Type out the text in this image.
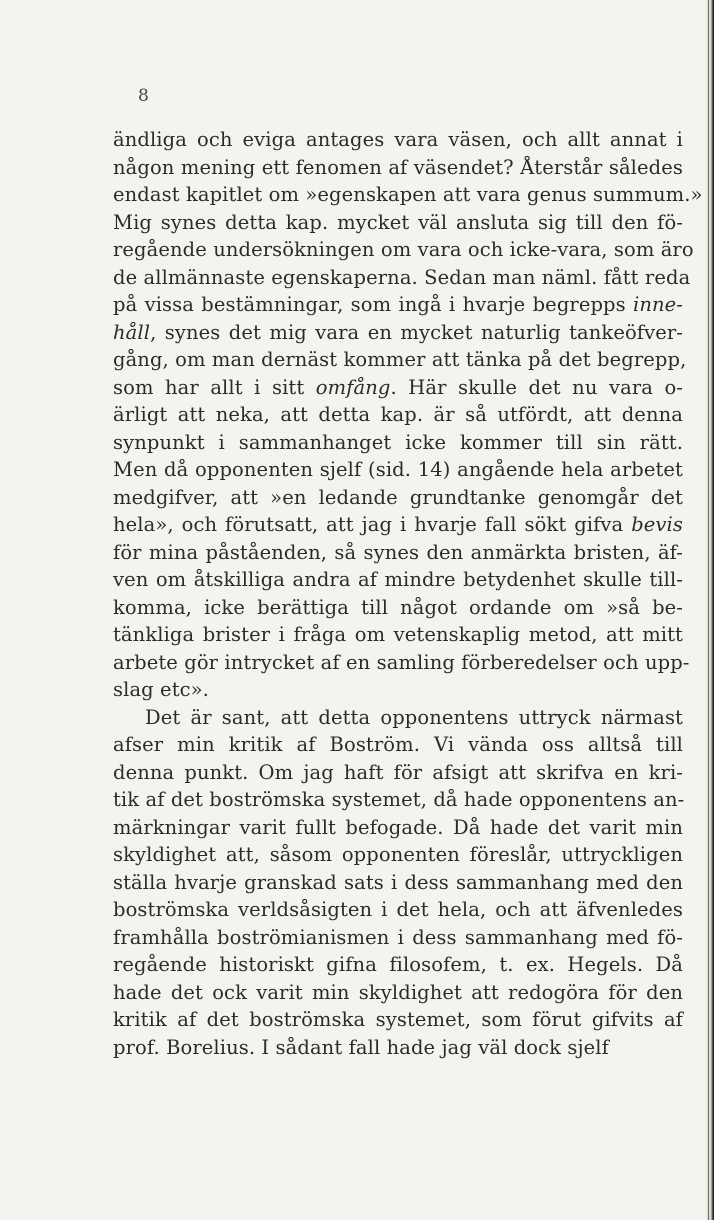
8

ändliga och eviga antages vara väsen, och allt annat i
någon mening ett fenomen af väsendet? Återstår således
endast kapitlet om »egenskapen att vara genus summum.»
Mig synes detta kap. mycket väl ansluta sig till den fö-
regående undersökningen om vara och icke-vara, som äro
de allmännaste egenskaperna. Sedan man näml. fått reda
på vissa bestämningar, som ingå i hvarje begrepps inne-
håll, synes det mig vara en mycket naturlig tankeöfver-
gång, om man dernäst kommer att tänka på det begrepp,
som har allt i sitt omfång. Här skulle det nu vara o-
ärligt att neka, att detta kap. är så utfördt, att denna
synpunkt i sammanhanget icke kommer till sin rätt.
Men då opponenten sjelf (sid. 14) angående hela arbetet
medgifver, att »en ledande grundtanke genomgår det
hela», och förutsatt, att jag i hvarje fall sökt gifva bevis
för mina påståenden, så synes den anmärkta bristen, äf-
ven om åtskilliga andra af mindre betydenhet skulle till-
komma, icke berättiga till något ordande om »så be-
tänkliga brister i fråga om vetenskaplig metod, att mitt
arbete gör intrycket af en samling förberedelser och upp-
slag etc».

Det är sant, att detta opponentens uttryck närmast

afser min kritik af Boström. Vi vända oss alltså till
denna punkt. Om jag haft för afsigt att skrifva en kri-
tik af det boströmska systemet, då hade opponentens an-
märkningar varit fullt befogade. Då hade det varit min
skyldighet att, såsom opponenten föreslår, uttryckligen
ställa hvarje granskad sats i dess sammanhang med den
boströmska verldsåsigten i det hela, och att äfvenledes
framhålla boströmianismen i dess sammanhang med fö-
regående historiskt gifna filosofem, t. ex. Hegels. Då
hade det ock varit min skyldighet att redogöra för den
kritik af det boströmska systemet, som förut gifvits af
prof. Borelius. I sådant fall hade jag väl dock sjelf
